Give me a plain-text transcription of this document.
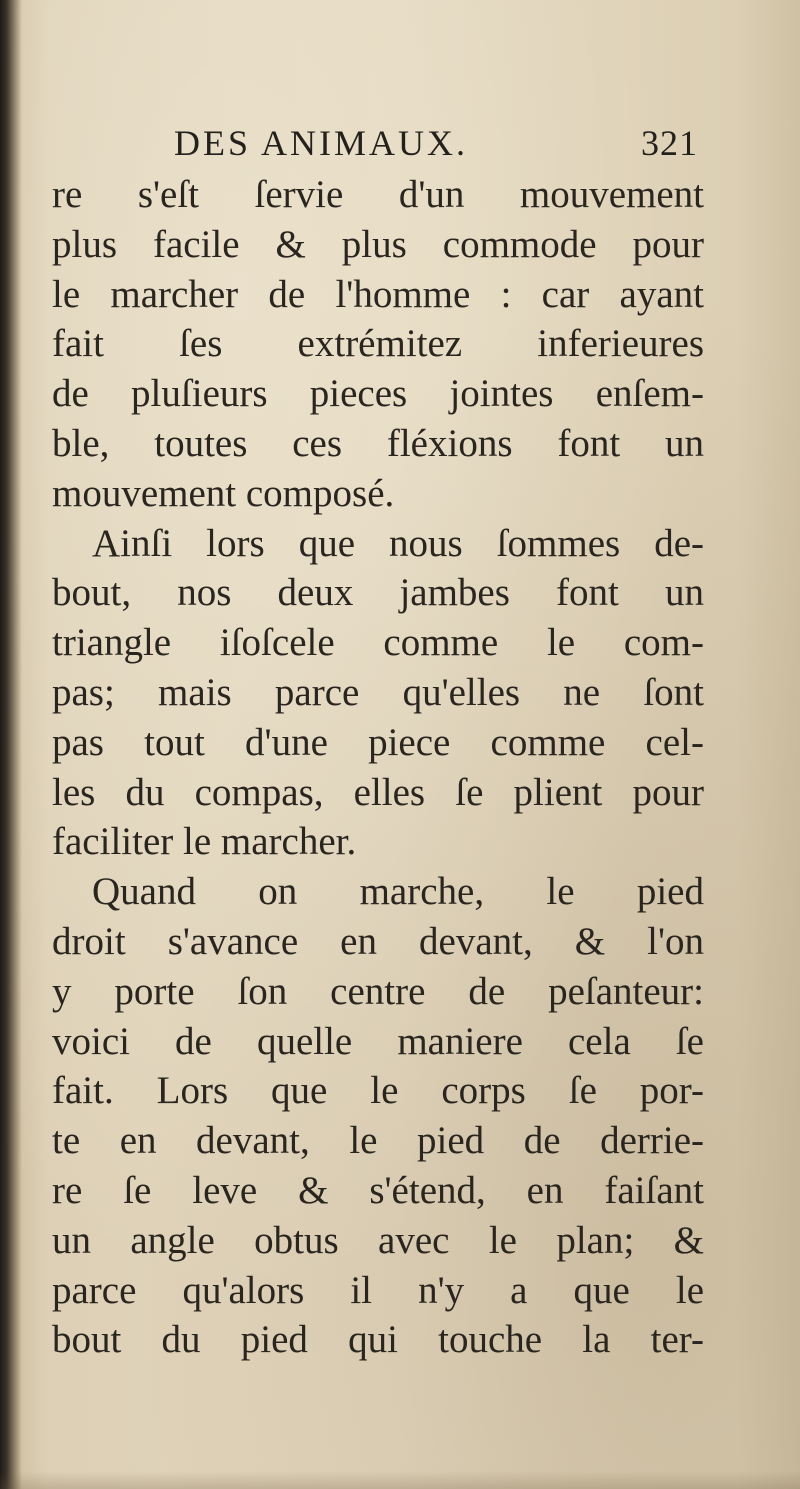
DES ANIMAUX.	321
re s'eſt ſervie d'un mouvement
plus facile & plus commode pour
le marcher de l'homme : car ayant
fait ſes extrémitez inferieures
de pluſieurs pieces jointes enſem-
ble, toutes ces fléxions font un
mouvement composé.
Ainſi lors que nous ſommes de-
bout, nos deux jambes font un
triangle iſoſcele comme le com-
pas; mais parce qu'elles ne ſont
pas tout d'une piece comme cel-
les du compas, elles ſe plient pour
faciliter le marcher.
Quand on marche, le pied
droit s'avance en devant, & l'on
y porte ſon centre de peſanteur:
voici de quelle maniere cela ſe
fait. Lors que le corps ſe por-
te en devant, le pied de derrie-
re ſe leve & s'étend, en faiſant
un angle obtus avec le plan; &
parce qu'alors il n'y a que le
bout du pied qui touche la ter-
